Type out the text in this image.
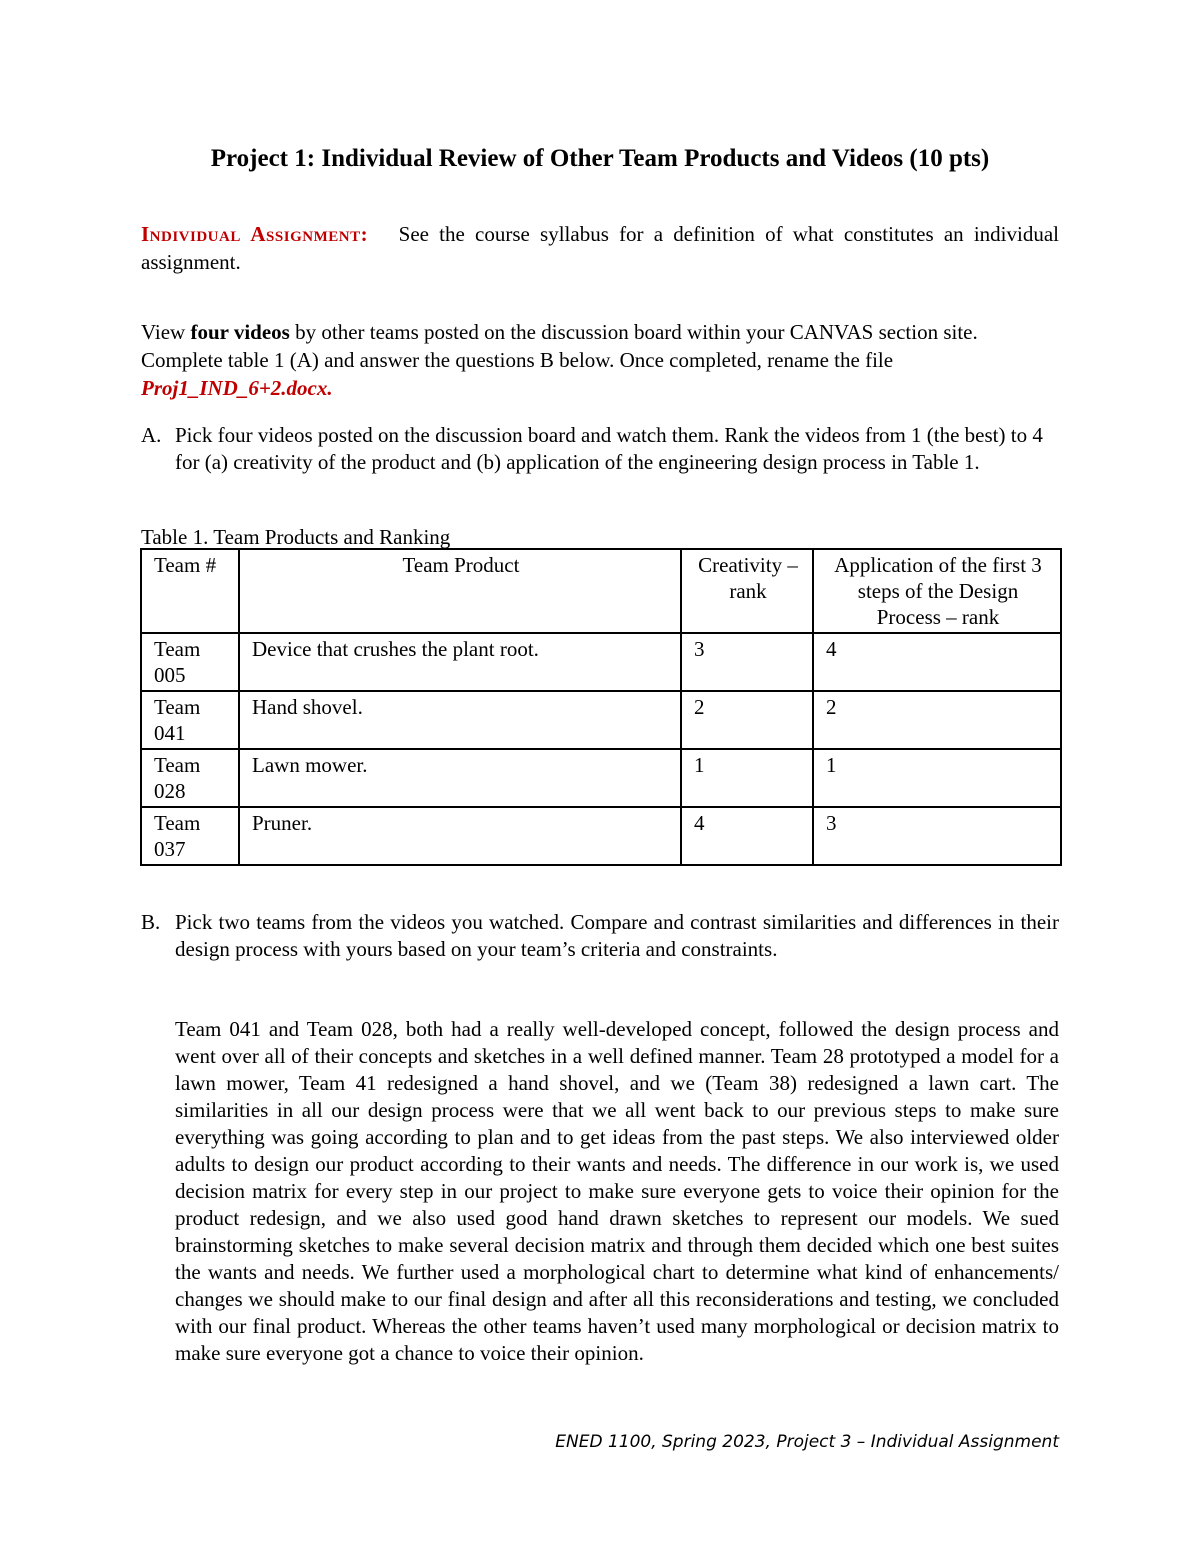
Project 1: Individual Review of Other Team Products and Videos (10 pts)

Individual Assignment: See the course syllabus for a definition of what constitutes an individual assignment.

View four videos by other teams posted on the discussion board within your CANVAS section site. Complete table 1 (A) and answer the questions B below. Once completed, rename the file Proj1_IND_6+2.docx.

A. Pick four videos posted on the discussion board and watch them. Rank the videos from 1 (the best) to 4 for (a) creativity of the product and (b) application of the engineering design process in Table 1.
Table 1. Team Products and Ranking
Team #	Team Product	Creativity – rank	Application of the first 3 steps of the Design Process – rank
Team 005	Device that crushes the plant root.	3	4
Team 041	Hand shovel.	2	2
Team 028	Lawn mower.	1	1
Team 037	Pruner.	4	3
B. Pick two teams from the videos you watched. Compare and contrast similarities and differences in their design process with yours based on your team’s criteria and constraints.

Team 041 and Team 028, both had a really well-developed concept, followed the design process and went over all of their concepts and sketches in a well defined manner. Team 28 prototyped a model for a lawn mower, Team 41 redesigned a hand shovel, and we (Team 38) redesigned a lawn cart. The similarities in all our design process were that we all went back to our previous steps to make sure everything was going according to plan and to get ideas from the past steps. We also interviewed older adults to design our product according to their wants and needs. The difference in our work is, we used decision matrix for every step in our project to make sure everyone gets to voice their opinion for the product redesign, and we also used good hand drawn sketches to represent our models. We sued brainstorming sketches to make several decision matrix and through them decided which one best suites the wants and needs. We further used a morphological chart to determine what kind of enhancements/ changes we should make to our final design and after all this reconsiderations and testing, we concluded with our final product. Whereas the other teams haven’t used many morphological or decision matrix to make sure everyone got a chance to voice their opinion.

ENED 1100, Spring 2023, Project 3 – Individual Assignment
